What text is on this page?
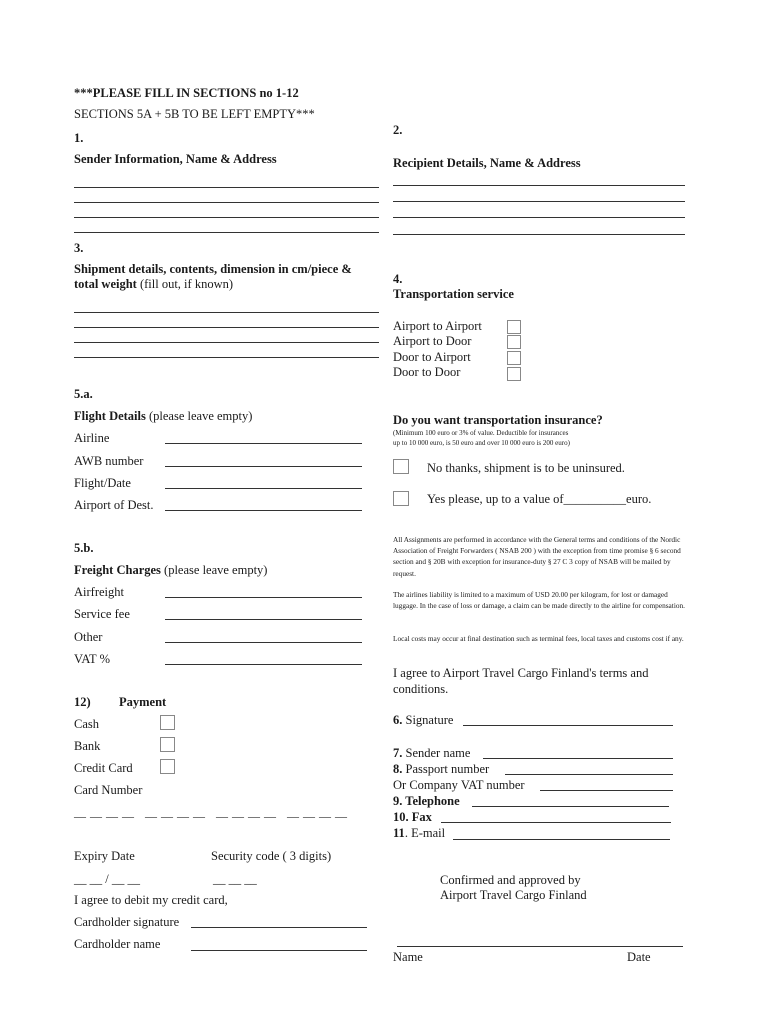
***PLEASE FILL IN SECTIONS no 1-12
SECTIONS 5A + 5B TO BE LEFT EMPTY***
1.
Sender Information, Name & Address
2.
Recipient Details, Name & Address
3.
Shipment details, contents, dimension in cm/piece &
total weight (fill out, if known)	4.
Transportation service
Airport to Airport
Airport to Door
Door to Airport
Door to Door
5.a.
Flight Details (please leave empty)
Airline
AWB number
Flight/Date
Airport of Dest.
Do you want transportation insurance?
(Minimum 100 euro or 3% of value. Deductible for insurances
up to 10 000 euro, is 50 euro and over 10 000 euro is 200 euro)
No thanks, shipment is to be uninsured.
Yes please, up to a value of__________euro.
5.b.
Freight Charges (please leave empty)
Airfreight
Service fee
Other
VAT %
All Assignments are performed in accordance with the General terms and conditions of the Nordic Association of Freight Forwarders ( NSAB 200 ) with the exception from time promise § 6 second section and § 20B with exception for insurance-duty § 27 C 3 copy of NSAB will be mailed by request.
The airlines liability is limited to a maximum of USD 20.00 per kilogram, for lost or damaged luggage. In the case of loss or damage, a claim can be made directly to the airline for compensation.
Local costs may occur at final destination such as terminal fees, local taxes and customs cost if any.
I agree to Airport Travel Cargo Finland's terms and conditions.
12) Payment
Cash
Bank
Credit Card
Card Number
— — — —   — — — —   — — — —   — — — —
Expiry Date	Security code ( 3 digits)
__ __ / __ __	__ __ __
I agree to debit my credit card,
Cardholder signature
Cardholder name
6. Signature
7. Sender name
8. Passport number
Or Company VAT number
9. Telephone
10. Fax
11. E-mail
Confirmed and approved by
Airport Travel Cargo Finland
Name	Date
